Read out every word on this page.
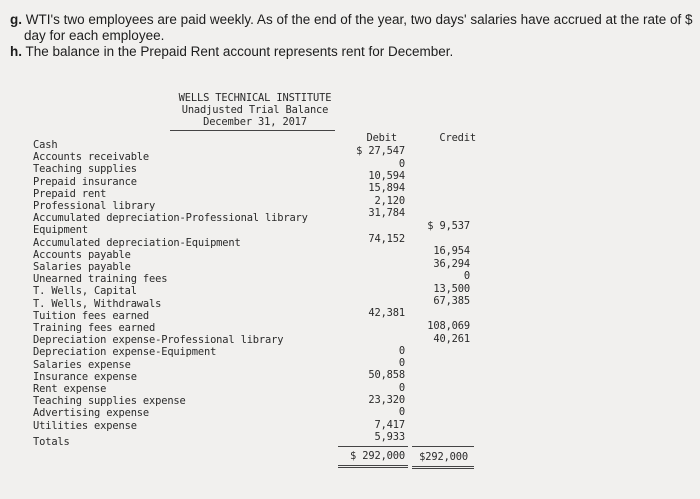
g. WTI's two employees are paid weekly. As of the end of the year, two days' salaries have accrued at the rate of $
day for each employee.
h. The balance in the Prepaid Rent account represents rent for December.
WELLS TECHNICAL INSTITUTE
Unadjusted Trial Balance
December 31, 2017
Debit	Credit
Cash	$ 27,547
Accounts receivable
0
Teaching supplies
10,594
Prepaid insurance
15,894
Prepaid rent
2,120
Professional library
31,784
Accumulated depreciation-Professional library
$ 9,537
Equipment
74,152
Accumulated depreciation-Equipment
16,954
Accounts payable
36,294
Salaries payable
0
Unearned training fees
13,500
T. Wells, Capital
67,385
T. Wells, Withdrawals
42,381
Tuition fees earned
108,069
Training fees earned
40,261
Depreciation expense-Professional library
0
Depreciation expense-Equipment
0
Salaries expense
50,858
Insurance expense
0
Rent expense
23,320
Teaching supplies expense
0
Advertising expense
7,417
Utilities expense
5,933
Totals
$ 292,000 $292,000
